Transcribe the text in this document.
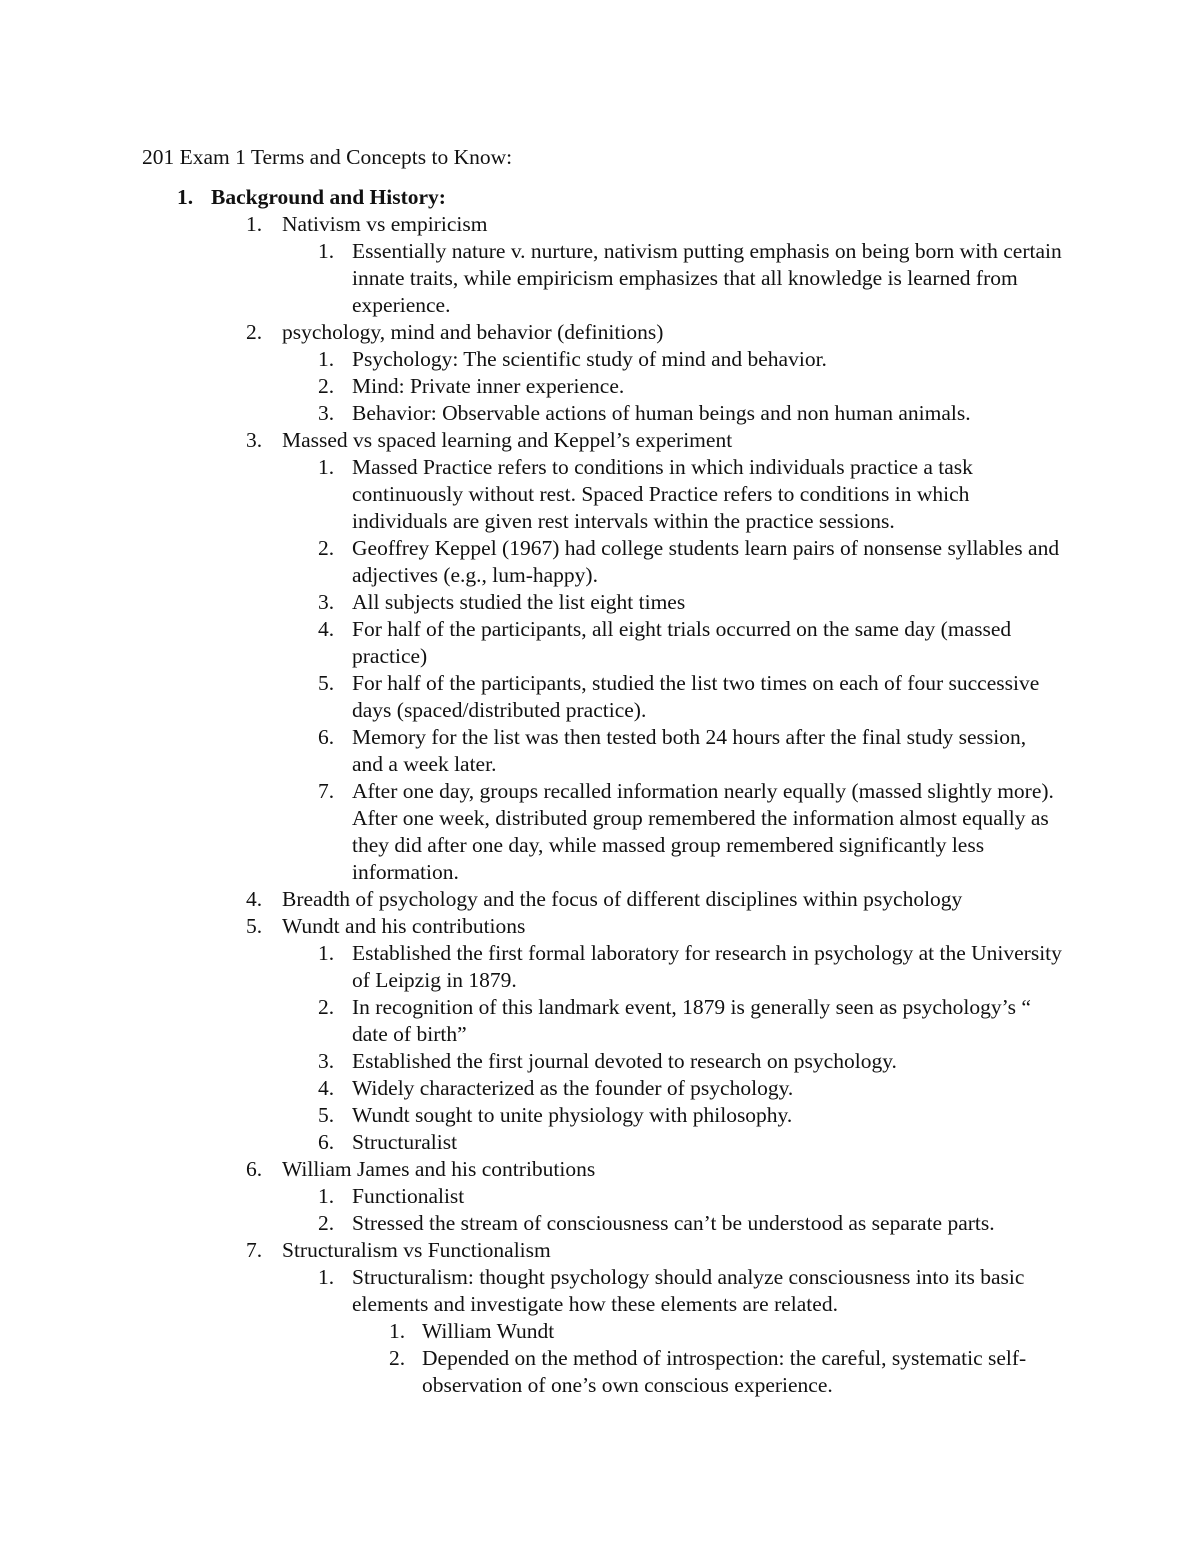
201 Exam 1 Terms and Concepts to Know:
1. Background and History:
1. Nativism vs empiricism
1. Essentially nature v. nurture, nativism putting emphasis on being born with certain innate traits, while empiricism emphasizes that all knowledge is learned from experience.
2. psychology, mind and behavior (definitions)
1. Psychology: The scientific study of mind and behavior.
2. Mind: Private inner experience.
3. Behavior: Observable actions of human beings and non human animals.
3. Massed vs spaced learning and Keppel’s experiment
1. Massed Practice refers to conditions in which individuals practice a task continuously without rest. Spaced Practice refers to conditions in which individuals are given rest intervals within the practice sessions.
2. Geoffrey Keppel (1967) had college students learn pairs of nonsense syllables and adjectives (e.g., lum-happy).
3. All subjects studied the list eight times
4. For half of the participants, all eight trials occurred on the same day (massed practice)
5. For half of the participants, studied the list two times on each of four successive days (spaced/distributed practice).
6. Memory for the list was then tested both 24 hours after the final study session, and a week later.
7. After one day, groups recalled information nearly equally (massed slightly more). After one week, distributed group remembered the information almost equally as they did after one day, while massed group remembered significantly less information.
4. Breadth of psychology and the focus of different disciplines within psychology
5. Wundt and his contributions
1. Established the first formal laboratory for research in psychology at the University of Leipzig in 1879.
2. In recognition of this landmark event, 1879 is generally seen as psychology’s “ date of birth”
3. Established the first journal devoted to research on psychology.
4. Widely characterized as the founder of psychology.
5. Wundt sought to unite physiology with philosophy.
6. Structuralist
6. William James and his contributions
1. Functionalist
2. Stressed the stream of consciousness can’t be understood as separate parts.
7. Structuralism vs Functionalism
1. Structuralism: thought psychology should analyze consciousness into its basic elements and investigate how these elements are related.
1. William Wundt
2. Depended on the method of introspection: the careful, systematic self-observation of one’s own conscious experience.
